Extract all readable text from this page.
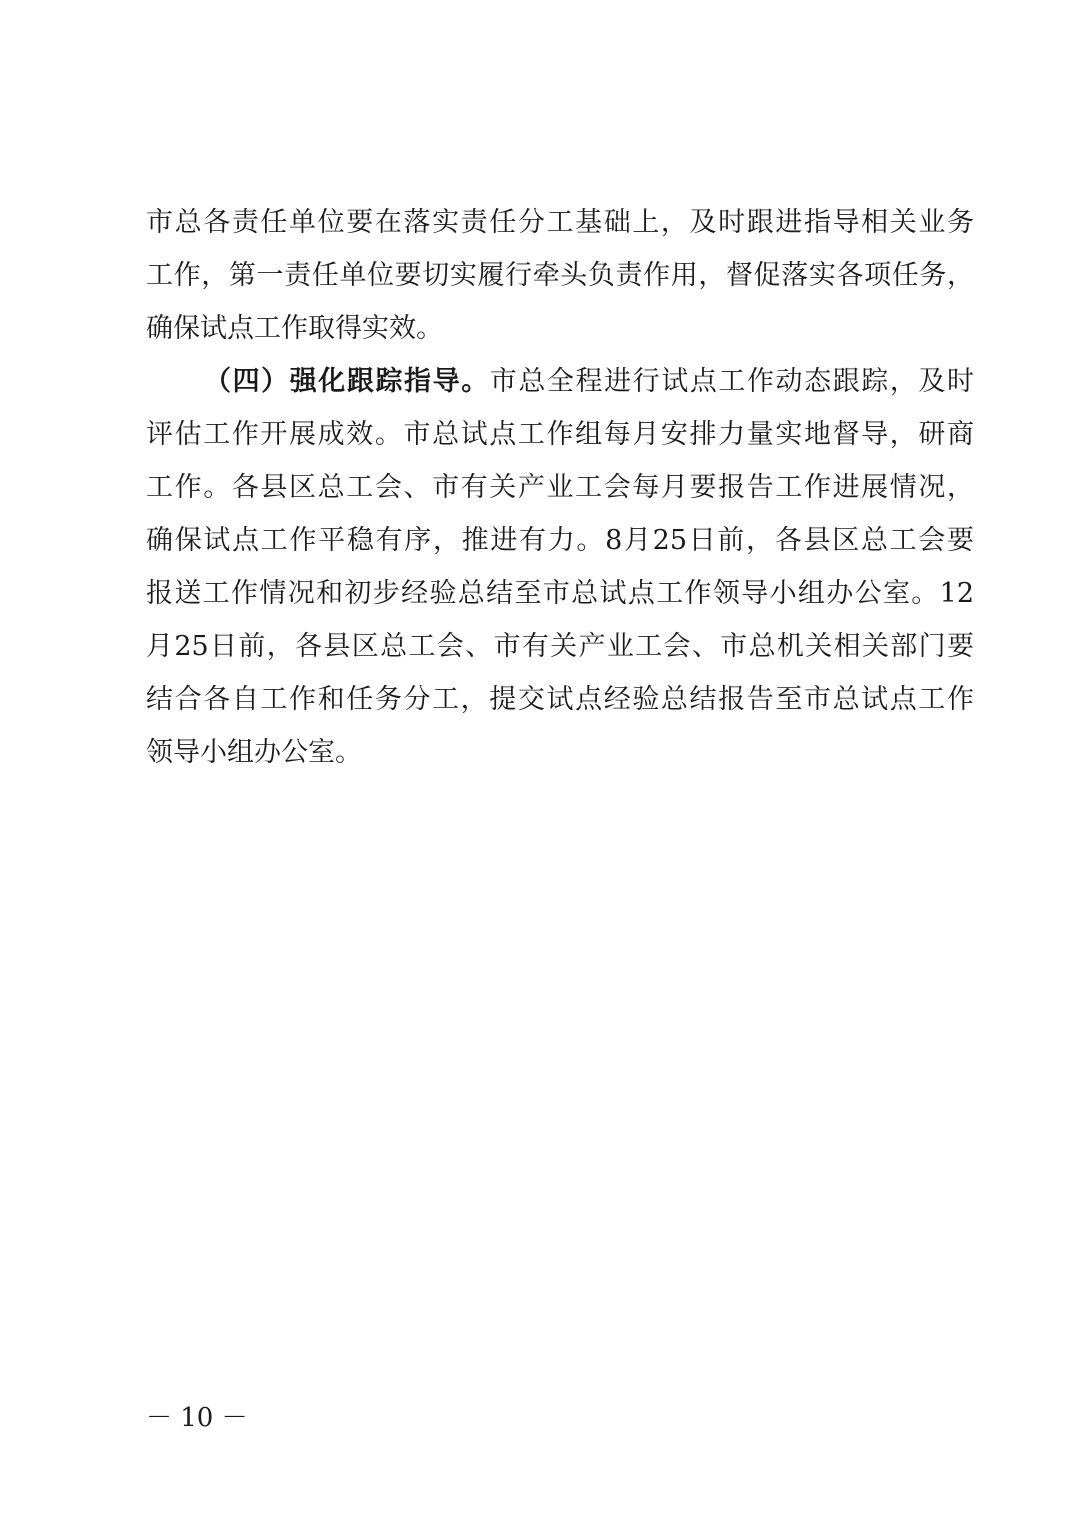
市总各责任单位要在落实责任分工基础上，及时跟进指导相关业务
工作，第一责任单位要切实履行牵头负责作用，督促落实各项任务，
确保试点工作取得实效。
（四）强化跟踪指导。市总全程进行试点工作动态跟踪，及时
评估工作开展成效。市总试点工作组每月安排力量实地督导，研商
工作。各县区总工会、市有关产业工会每月要报告工作进展情况，
确保试点工作平稳有序，推进有力。8月25日前，各县区总工会要
报送工作情况和初步经验总结至市总试点工作领导小组办公室。12
月25日前，各县区总工会、市有关产业工会、市总机关相关部门要
结合各自工作和任务分工，提交试点经验总结报告至市总试点工作
领导小组办公室。
－ 10 －
